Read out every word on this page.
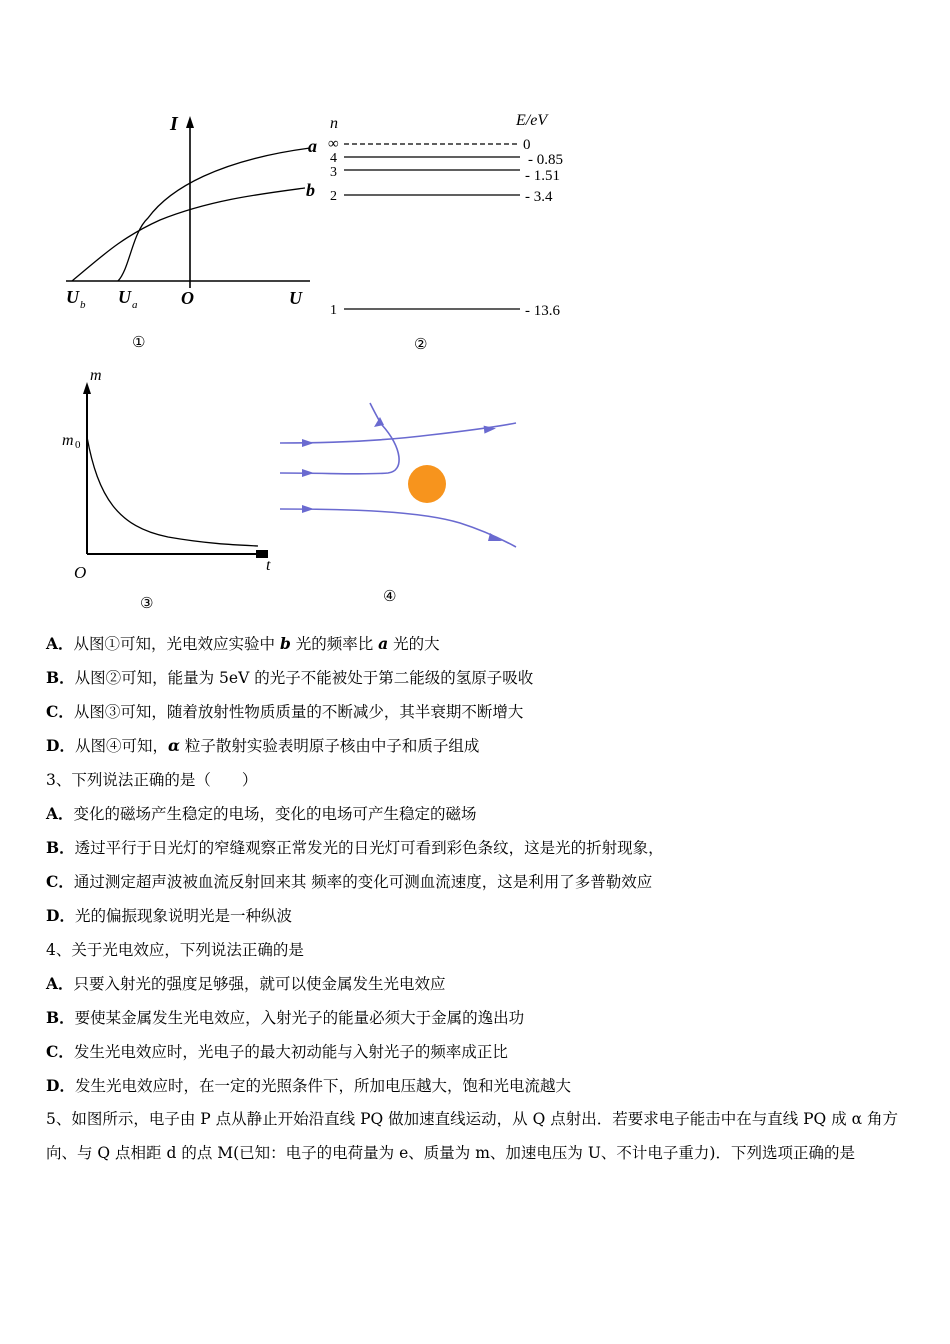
I
a
b
U b U a O	U
①
n	E/eV
∞
4
3
2
1
0
- 0.85
- 1.51
- 3.4
- 13.6
②
m
m 0
O	t
③	④
A．从图①可知，光电效应实验中 b 光的频率比 a 光的大
B．从图②可知，能量为 5eV 的光子不能被处于第二能级的氢原子吸收
C．从图③可知，随着放射性物质质量的不断减少，其半衰期不断增大
D．从图④可知，α 粒子散射实验表明原子核由中子和质子组成
3、下列说法正确的是（　　）
A．变化的磁场产生稳定的电场，变化的电场可产生稳定的磁场
B．透过平行于日光灯的窄缝观察正常发光的日光灯可看到彩色条纹，这是光的折射现象，
C．通过测定超声波被血流反射回来其 频率的变化可测血流速度，这是利用了多普勒效应
D．光的偏振现象说明光是一种纵波
4、关于光电效应，下列说法正确的是
A．只要入射光的强度足够强，就可以使金属发生光电效应
B．要使某金属发生光电效应，入射光子的能量必须大于金属的逸出功
C．发生光电效应时，光电子的最大初动能与入射光子的频率成正比
D．发生光电效应时，在一定的光照条件下，所加电压越大，饱和光电流越大
5、如图所示，电子由 P 点从静止开始沿直线 PQ 做加速直线运动，从 Q 点射出．若要求电子能击中在与直线 PQ 成 α 角方向、与 Q 点相距 d 的点 M(已知：电子的电荷量为 e、质量为 m、加速电压为 U、不计电子重力)．下列选项正确的是
